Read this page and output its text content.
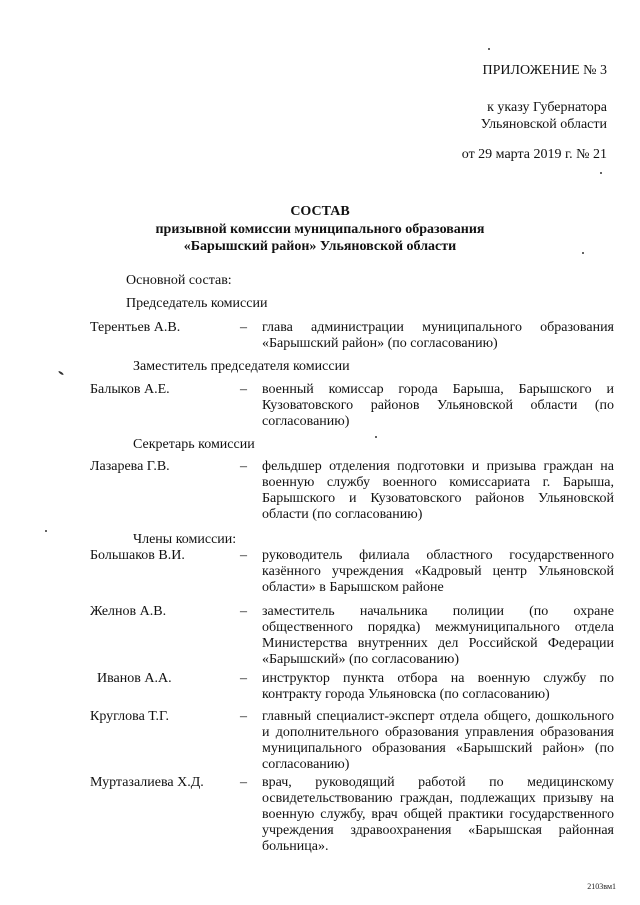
ПРИЛОЖЕНИЕ № 3
к указу Губернатора
Ульяновской области
от 29 марта 2019 г. № 21
СОСТАВ
призывной комиссии муниципального образования
«Барышский район» Ульяновской области
Основной состав:
Председатель комиссии
Заместитель председателя комиссии
Секретарь комиссии
Члены комиссии:
Терентьев А.В.	– глава администрации муниципального образования «Барышский район» (по согласованию)
Балыков А.Е.	– военный комиссар города Барыша, Барышского и Кузоватовского районов Ульяновской области (по согласованию)
Лазарева Г.В.	– фельдшер отделения подготовки и призыва граждан на военную службу военного комиссариата г. Барыша, Барышского и Кузоватовского районов Ульяновской области (по согласованию)
Большаков В.И.	– руководитель филиала областного государственного казённого учреждения «Кадровый центр Ульяновской области» в Барышском районе
Желнов А.В.	– заместитель начальника полиции (по охране общественного порядка) межмуниципального отдела Министерства внутренних дел Российской Федерации «Барышский» (по согласованию)
Иванов А.А.	– инструктор пункта отбора на военную службу по контракту города Ульяновска (по согласованию)
Круглова Т.Г.	– главный специалист-эксперт отдела общего, дошкольного и дополнительного образования управления образования муниципального образования «Барышский район» (по согласованию)
Муртазалиева Х.Д.	– врач, руководящий работой по медицинскому освидетельствованию граждан, подлежащих призыву на военную службу, врач общей практики государственного учреждения здравоохранения «Барышская районная больница».
2103вм1
